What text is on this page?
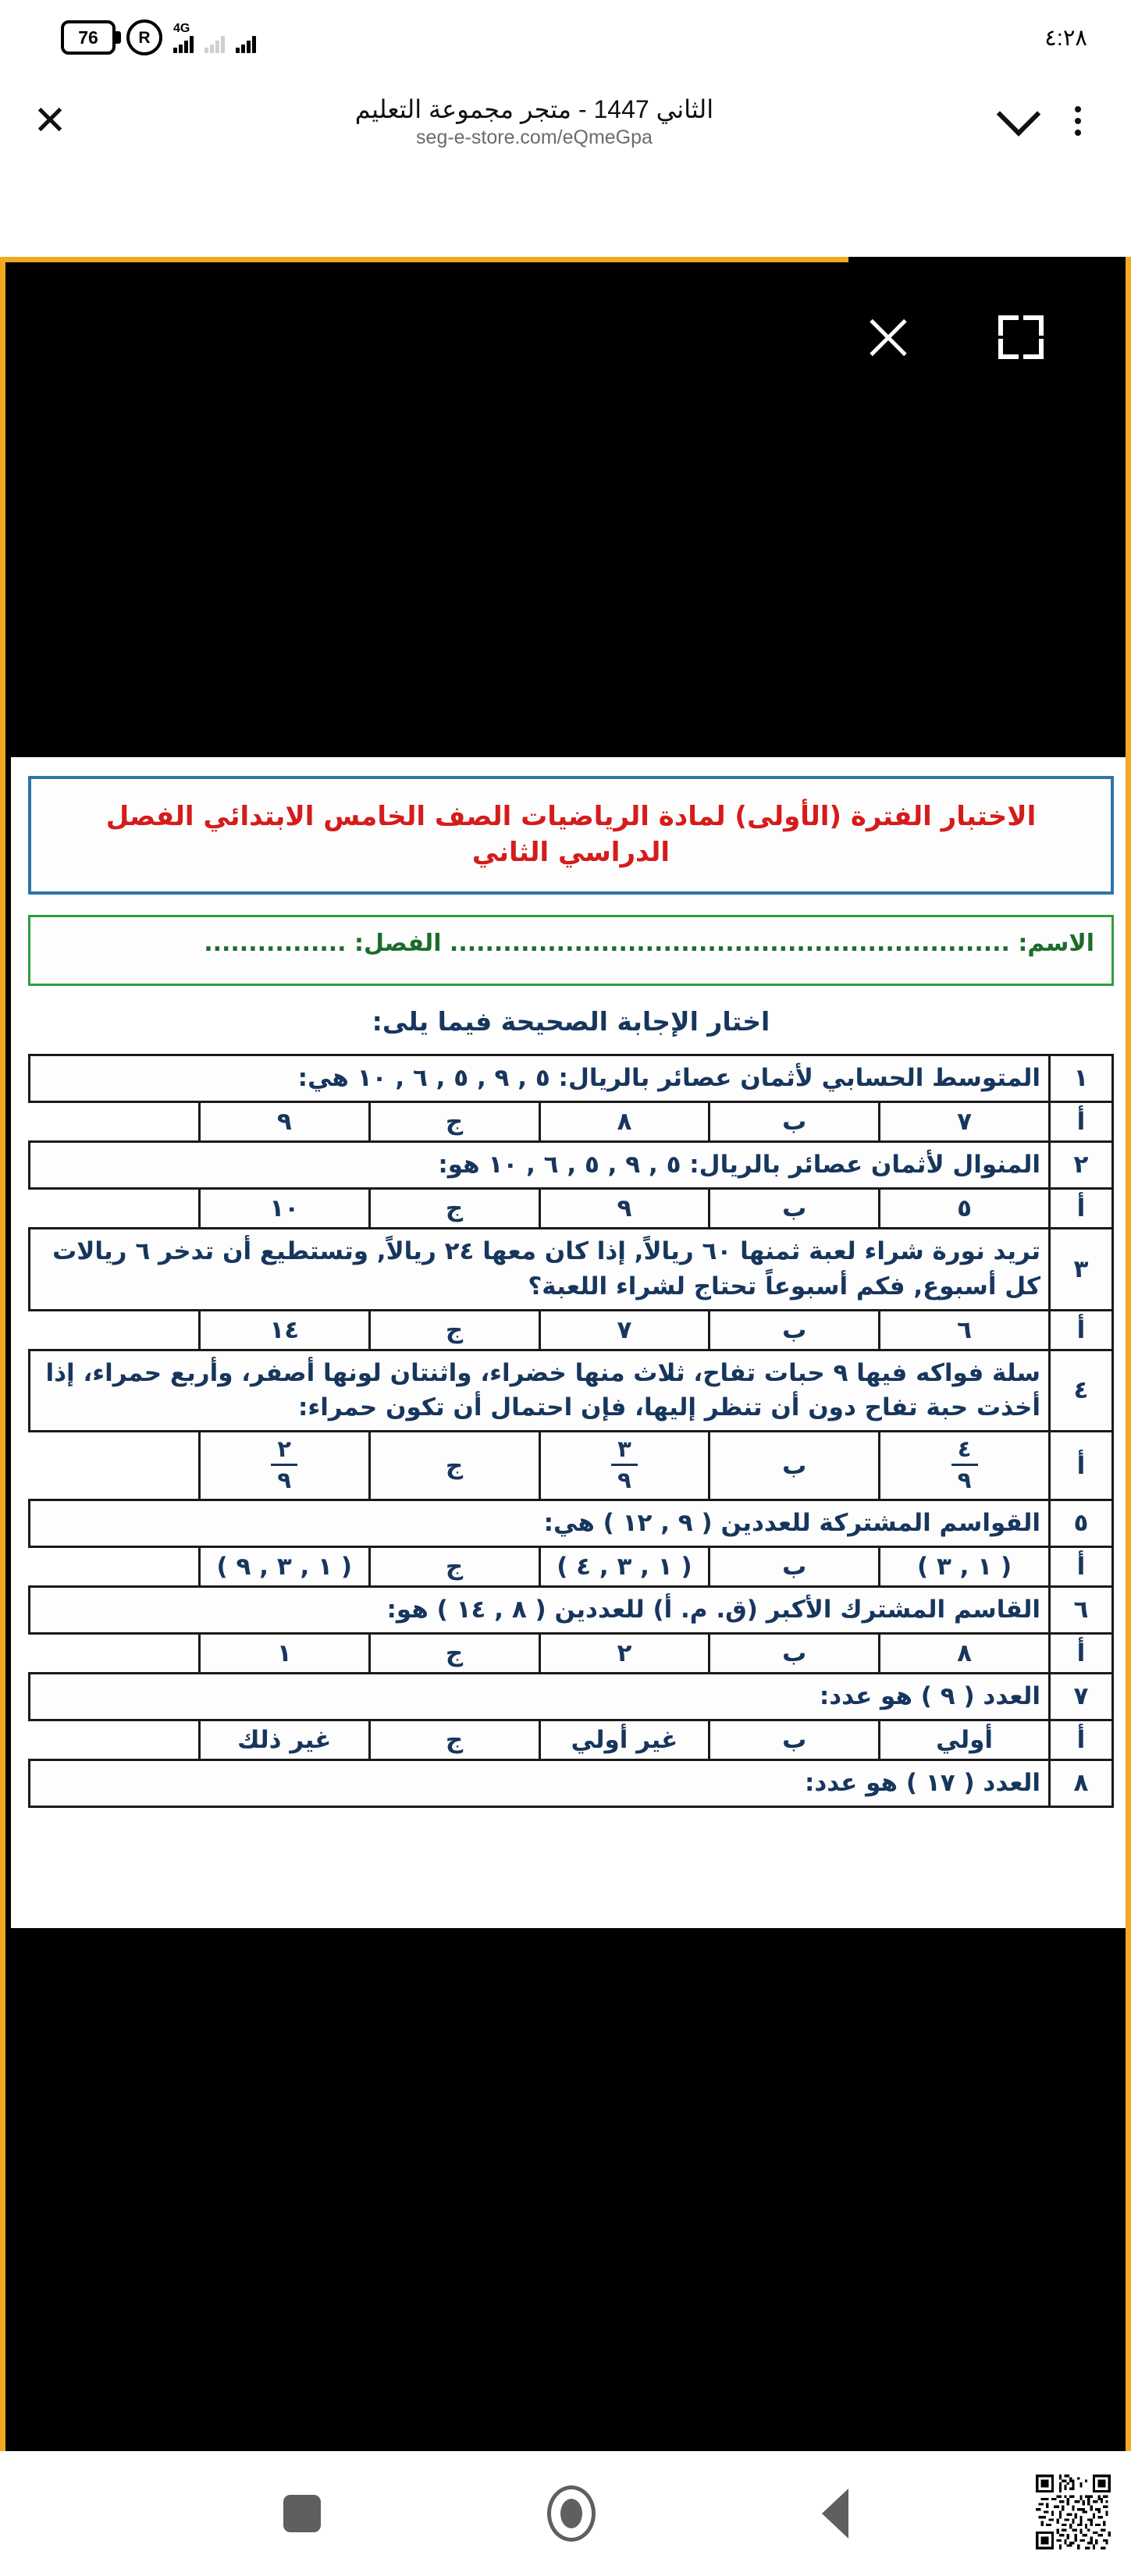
76 R
4G

	٤:٢٨
✕	الثاني 1447 - متجر مجموعة التعليم
seg-e-store.com/eQmeGpa
الاختبار الفترة (الأولى) لمادة الرياضيات الصف الخامس الابتدائي الفصل الدراسي الثاني
الاسم: ............................................................... الفصل: ................
اختار الإجابة الصحيحة فيما يلى:
١	المتوسط الحسابي لأثمان عصائر بالريال: ٥ , ٩ , ٥ , ٦ , ١٠ هي:				
أ	٧	ب	٨	ج	٩
٢	المنوال لأثمان عصائر بالريال: ٥ , ٩ , ٥ , ٦ , ١٠ هو:				
أ	٥	ب	٩	ج	١٠
٣	تريد نورة شراء لعبة ثمنها ٦٠ ريالاً, إذا كان معها ٢٤ ريالاً, وتستطيع أن تدخر ٦ ريالات كل أسبوع, فكم أسبوعاً تحتاج لشراء اللعبة؟				
أ	٦	ب	٧	ج	١٤
٤	سلة فواكه فيها ٩ حبات تفاح، ثلاث منها خضراء، واثنتان لونها أصفر، وأربع حمراء، إذا أخذت حبة تفاح دون أن تنظر إليها، فإن احتمال أن تكون حمراء:				
أ	$\frac{٤}{٩}$	ب	$\frac{٣}{٩}$	ج	$\frac{٢}{٩}$

٥	القواسم المشتركة للعددين ( ٩ , ١٢ ) هي:				
أ	( ١ , ٣ )	ب	( ١ , ٣ , ٤ )	ج	( ١ , ٣ , ٩ )
٦	القاسم المشترك الأكبر (ق. م. أ) للعددين ( ٨ , ١٤ ) هو:				
أ	٨	ب	٢	ج	١
٧	العدد ( ٩ ) هو عدد:				
أ	أولي	ب	غير أولي	ج	غير ذلك
٨	العدد ( ١٧ ) هو عدد:				
